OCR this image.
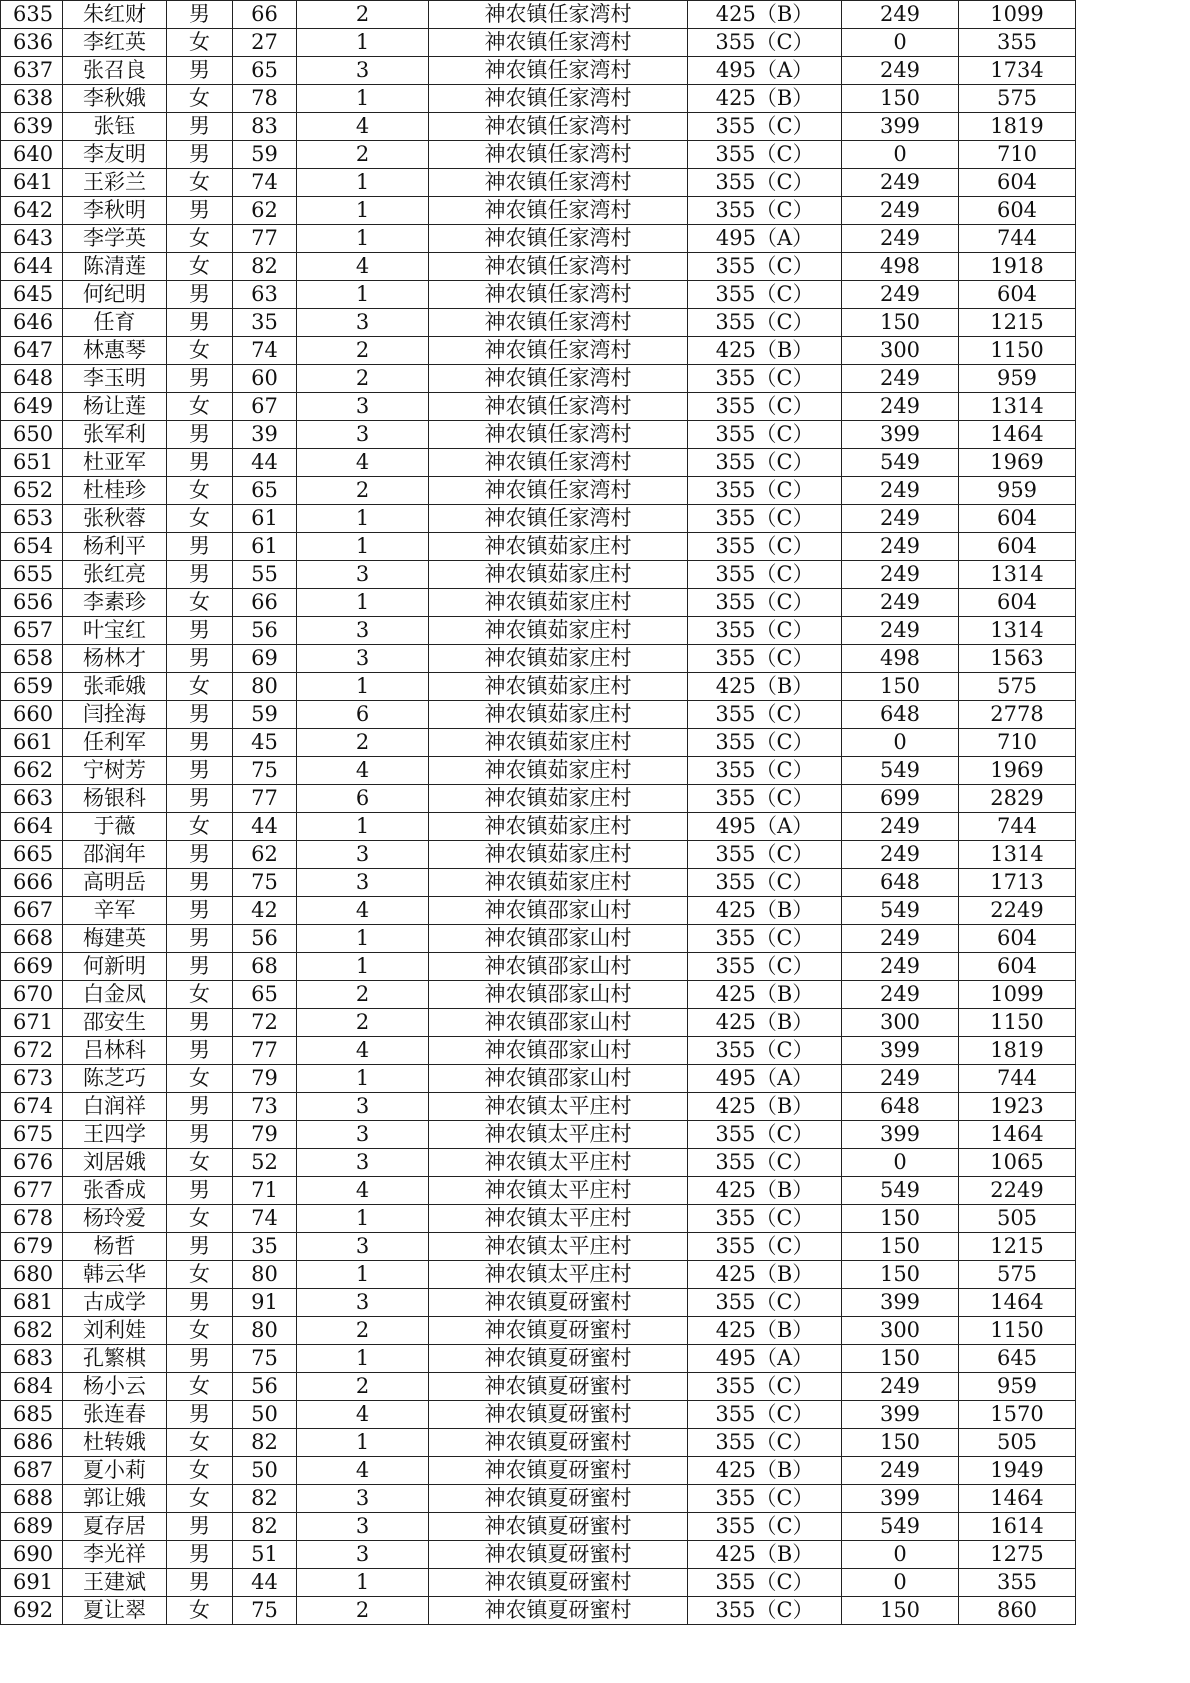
635	朱红财	男	66	2	神农镇任家湾村	425（B）	249	1099
636	李红英	女	27	1	神农镇任家湾村	355（C）	0	355
637	张召良	男	65	3	神农镇任家湾村	495（A）	249	1734
638	李秋娥	女	78	1	神农镇任家湾村	425（B）	150	575
639	张钰	男	83	4	神农镇任家湾村	355（C）	399	1819
640	李友明	男	59	2	神农镇任家湾村	355（C）	0	710
641	王彩兰	女	74	1	神农镇任家湾村	355（C）	249	604
642	李秋明	男	62	1	神农镇任家湾村	355（C）	249	604
643	李学英	女	77	1	神农镇任家湾村	495（A）	249	744
644	陈清莲	女	82	4	神农镇任家湾村	355（C）	498	1918
645	何纪明	男	63	1	神农镇任家湾村	355（C）	249	604
646	任育	男	35	3	神农镇任家湾村	355（C）	150	1215
647	林惠琴	女	74	2	神农镇任家湾村	425（B）	300	1150
648	李玉明	男	60	2	神农镇任家湾村	355（C）	249	959
649	杨让莲	女	67	3	神农镇任家湾村	355（C）	249	1314
650	张军利	男	39	3	神农镇任家湾村	355（C）	399	1464
651	杜亚军	男	44	4	神农镇任家湾村	355（C）	549	1969
652	杜桂珍	女	65	2	神农镇任家湾村	355（C）	249	959
653	张秋蓉	女	61	1	神农镇任家湾村	355（C）	249	604
654	杨利平	男	61	1	神农镇茹家庄村	355（C）	249	604
655	张红亮	男	55	3	神农镇茹家庄村	355（C）	249	1314
656	李素珍	女	66	1	神农镇茹家庄村	355（C）	249	604
657	叶宝红	男	56	3	神农镇茹家庄村	355（C）	249	1314
658	杨林才	男	69	3	神农镇茹家庄村	355（C）	498	1563
659	张乖娥	女	80	1	神农镇茹家庄村	425（B）	150	575
660	闫拴海	男	59	6	神农镇茹家庄村	355（C）	648	2778
661	任利军	男	45	2	神农镇茹家庄村	355（C）	0	710
662	宁树芳	男	75	4	神农镇茹家庄村	355（C）	549	1969
663	杨银科	男	77	6	神农镇茹家庄村	355（C）	699	2829
664	于薇	女	44	1	神农镇茹家庄村	495（A）	249	744
665	邵润年	男	62	3	神农镇茹家庄村	355（C）	249	1314
666	高明岳	男	75	3	神农镇茹家庄村	355（C）	648	1713
667	辛军	男	42	4	神农镇邵家山村	425（B）	549	2249
668	梅建英	男	56	1	神农镇邵家山村	355（C）	249	604
669	何新明	男	68	1	神农镇邵家山村	355（C）	249	604
670	白金凤	女	65	2	神农镇邵家山村	425（B）	249	1099
671	邵安生	男	72	2	神农镇邵家山村	425（B）	300	1150
672	吕林科	男	77	4	神农镇邵家山村	355（C）	399	1819
673	陈芝巧	女	79	1	神农镇邵家山村	495（A）	249	744
674	白润祥	男	73	3	神农镇太平庄村	425（B）	648	1923
675	王四学	男	79	3	神农镇太平庄村	355（C）	399	1464
676	刘居娥	女	52	3	神农镇太平庄村	355（C）	0	1065
677	张香成	男	71	4	神农镇太平庄村	425（B）	549	2249
678	杨玲爱	女	74	1	神农镇太平庄村	355（C）	150	505
679	杨哲	男	35	3	神农镇太平庄村	355（C）	150	1215
680	韩云华	女	80	1	神农镇太平庄村	425（B）	150	575
681	古成学	男	91	3	神农镇夏砑蜜村	355（C）	399	1464
682	刘利娃	女	80	2	神农镇夏砑蜜村	425（B）	300	1150
683	孔繁棋	男	75	1	神农镇夏砑蜜村	495（A）	150	645
684	杨小云	女	56	2	神农镇夏砑蜜村	355（C）	249	959
685	张连春	男	50	4	神农镇夏砑蜜村	355（C）	399	1570
686	杜转娥	女	82	1	神农镇夏砑蜜村	355（C）	150	505
687	夏小莉	女	50	4	神农镇夏砑蜜村	425（B）	249	1949
688	郭让娥	女	82	3	神农镇夏砑蜜村	355（C）	399	1464
689	夏存居	男	82	3	神农镇夏砑蜜村	355（C）	549	1614
690	李光祥	男	51	3	神农镇夏砑蜜村	425（B）	0	1275
691	王建斌	男	44	1	神农镇夏砑蜜村	355（C）	0	355
692	夏让翠	女	75	2	神农镇夏砑蜜村	355（C）	150	860
